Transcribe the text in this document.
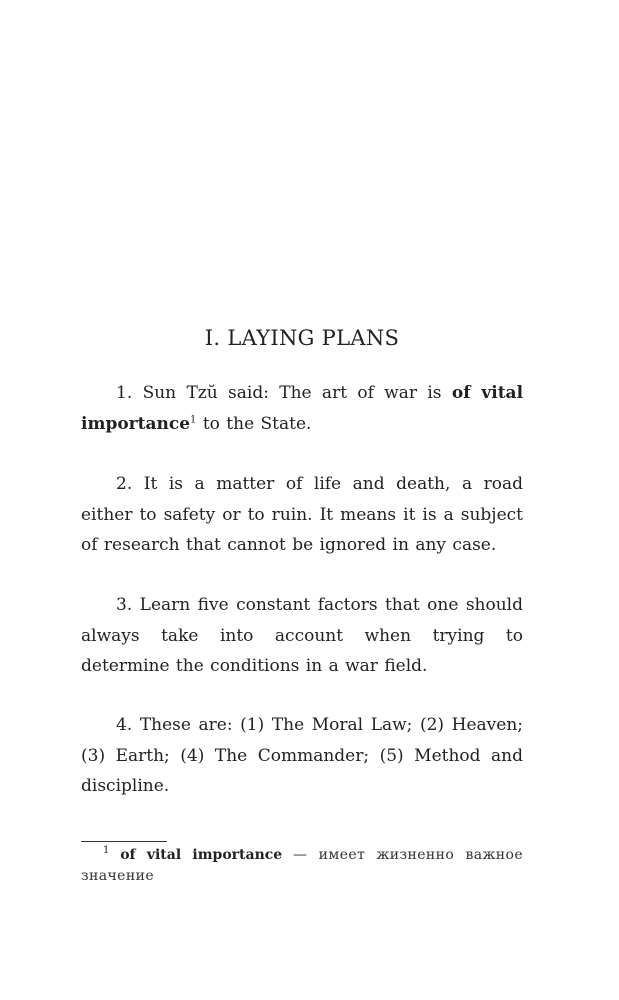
I. LAYING PLANS

1. Sun Tzŭ said: The art of war is of vital importance$^1$ to the State.

2. It is a matter of life and death, a road either to safety or to ruin. It means it is a subject of research that cannot be ignored in any case.

3. Learn five constant factors that one should always take into account when trying to determine the conditions in a war field.

4. These are: (1) The Moral Law; (2) Heaven; (3) Earth; (4) The Commander; (5) Method and discipline.

$^1$ of vital importance — имеет жизненно важное значение
